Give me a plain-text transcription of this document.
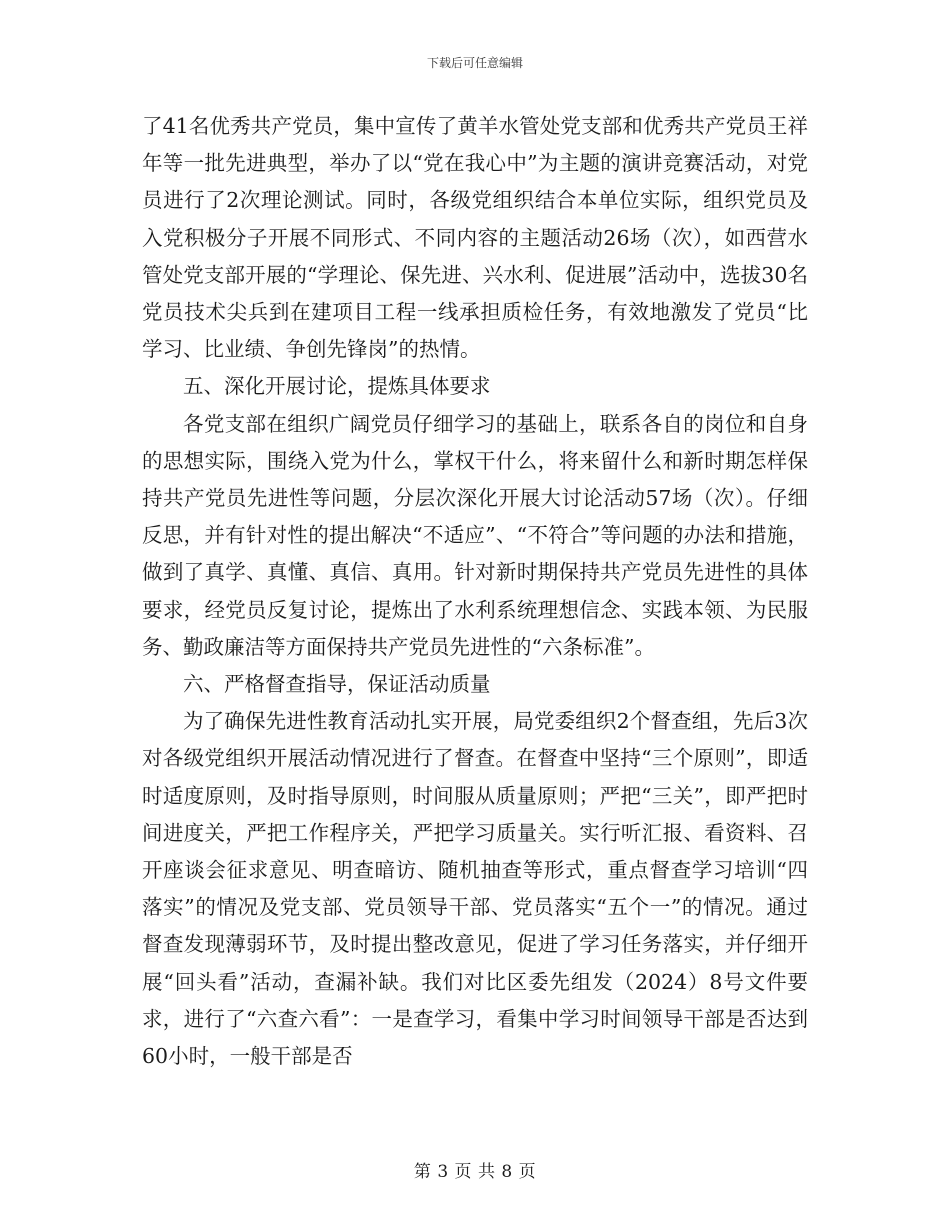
下载后可任意编辑

了41名优秀共产党员，集中宣传了黄羊水管处党支部和优秀共产党员王祥年等一批先进典型，举办了以“党在我心中”为主题的演讲竞赛活动，对党员进行了2次理论测试。同时，各级党组织结合本单位实际，组织党员及入党积极分子开展不同形式、不同内容的主题活动26场（次），如西营水管处党支部开展的“学理论、保先进、兴水利、促进展”活动中，选拔30名党员技术尖兵到在建项目工程一线承担质检任务，有效地激发了党员“比学习、比业绩、争创先锋岗”的热情。

五、深化开展讨论，提炼具体要求

各党支部在组织广阔党员仔细学习的基础上，联系各自的岗位和自身的思想实际，围绕入党为什么，掌权干什么，将来留什么和新时期怎样保持共产党员先进性等问题，分层次深化开展大讨论活动57场（次）。仔细反思，并有针对性的提出解决“不适应”、“不符合”等问题的办法和措施，做到了真学、真懂、真信、真用。针对新时期保持共产党员先进性的具体要求，经党员反复讨论，提炼出了水利系统理想信念、实践本领、为民服务、勤政廉洁等方面保持共产党员先进性的“六条标准”。

六、严格督查指导，保证活动质量

为了确保先进性教育活动扎实开展，局党委组织2个督查组，先后3次对各级党组织开展活动情况进行了督查。在督查中坚持“三个原则”，即适时适度原则，及时指导原则，时间服从质量原则；严把“三关”，即严把时间进度关，严把工作程序关，严把学习质量关。实行听汇报、看资料、召开座谈会征求意见、明查暗访、随机抽查等形式，重点督查学习培训“四落实”的情况及党支部、党员领导干部、党员落实“五个一”的情况。通过督查发现薄弱环节，及时提出整改意见，促进了学习任务落实，并仔细开展“回头看”活动，查漏补缺。我们对比区委先组发（2024）8号文件要求，进行了“六查六看”：一是查学习，看集中学习时间领导干部是否达到60小时，一般干部是否

第 3 页 共 8 页
